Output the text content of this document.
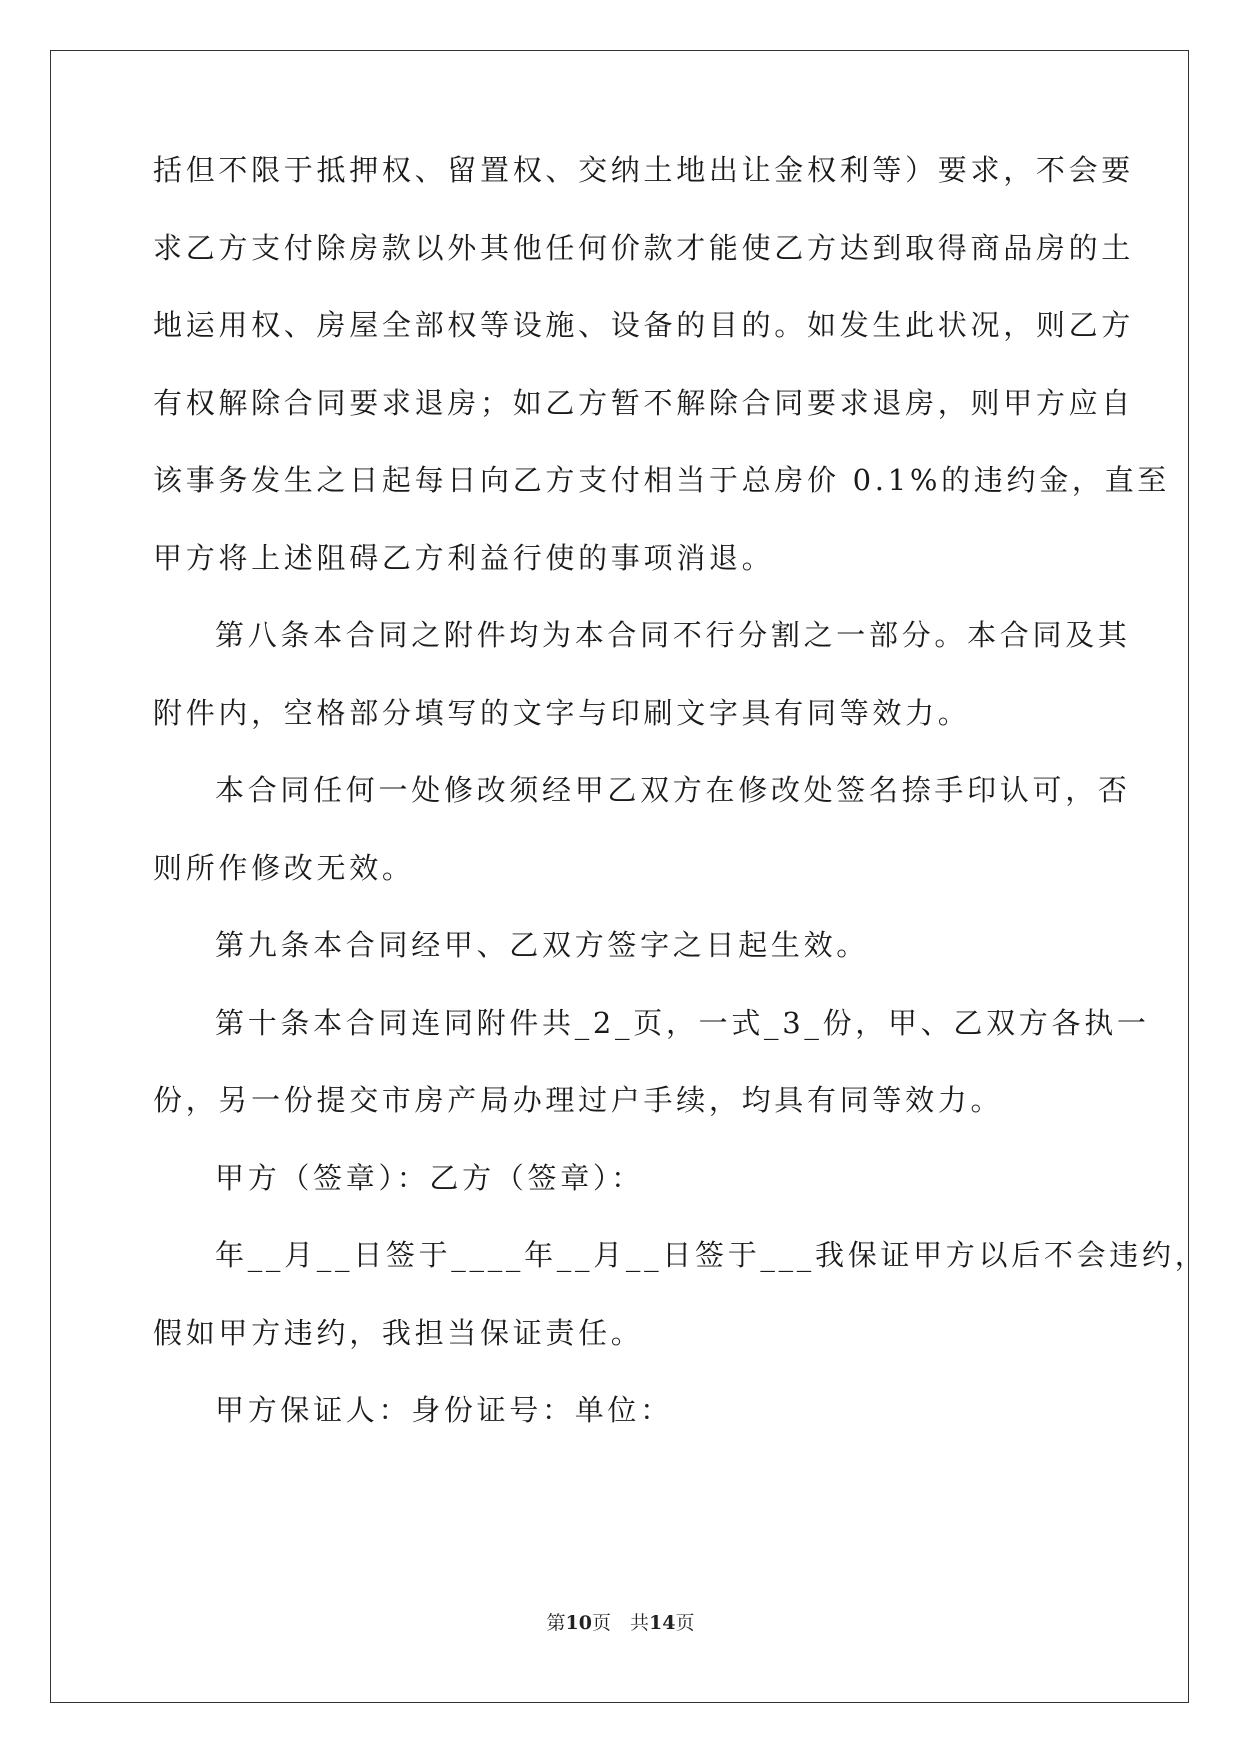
括但不限于抵押权、留置权、交纳土地出让金权利等）要求，不会要
求乙方支付除房款以外其他任何价款才能使乙方达到取得商品房的土
地运用权、房屋全部权等设施、设备的目的。如发生此状况，则乙方
有权解除合同要求退房；如乙方暂不解除合同要求退房，则甲方应自
该事务发生之日起每日向乙方支付相当于总房价 0.1%的违约金，直至
甲方将上述阻碍乙方利益行使的事项消退。
第八条本合同之附件均为本合同不行分割之一部分。本合同及其
附件内，空格部分填写的文字与印刷文字具有同等效力。
本合同任何一处修改须经甲乙双方在修改处签名捺手印认可，否
则所作修改无效。
第九条本合同经甲、乙双方签字之日起生效。
第十条本合同连同附件共_2_页，一式_3_份，甲、乙双方各执一
份，另一份提交市房产局办理过户手续，均具有同等效力。
甲方（签章）：乙方（签章）：
年__月__日签于____年__月__日签于___我保证甲方以后不会违约，
假如甲方违约，我担当保证责任。
甲方保证人：身份证号：单位：
第10页　共14页
